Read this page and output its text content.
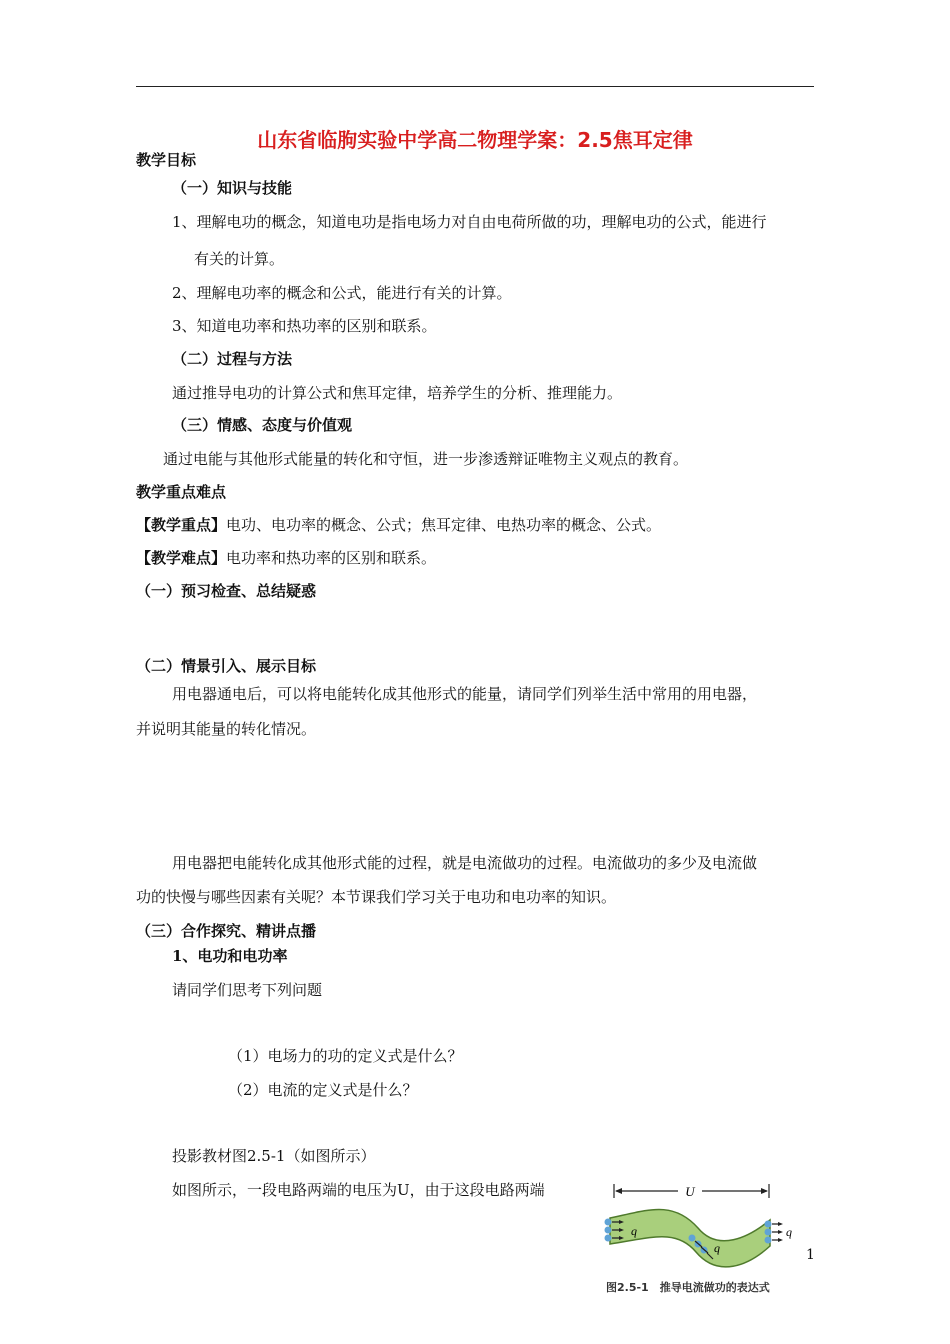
山东省临朐实验中学高二物理学案：2.5焦耳定律
教学目标
（一）知识与技能
1、理解电功的概念，知道电功是指电场力对自由电荷所做的功，理解电功的公式，能进行
有关的计算。
2、理解电功率的概念和公式，能进行有关的计算。
3、知道电功率和热功率的区别和联系。
（二）过程与方法
通过推导电功的计算公式和焦耳定律，培养学生的分析、推理能力。
（三）情感、态度与价值观
通过电能与其他形式能量的转化和守恒，进一步渗透辩证唯物主义观点的教育。
教学重点难点
【教学重点】电功、电功率的概念、公式；焦耳定律、电热功率的概念、公式。
【教学难点】电功率和热功率的区别和联系。
（一）预习检查、总结疑惑
（二）情景引入、展示目标
用电器通电后，可以将电能转化成其他形式的能量，请同学们列举生活中常用的用电器，
并说明其能量的转化情况。
用电器把电能转化成其他形式能的过程，就是电流做功的过程。电流做功的多少及电流做
功的快慢与哪些因素有关呢？本节课我们学习关于电功和电功率的知识。
（三）合作探究、精讲点播
1、电功和电功率
请同学们思考下列问题
（1）电场力的功的定义式是什么？
（2）电流的定义式是什么？
投影教材图2.5-1（如图所示）
如图所示，一段电路两端的电压为U，由于这段电路两端	U
q
q
q
图2.5-1　推导电流做功的表达式
1
